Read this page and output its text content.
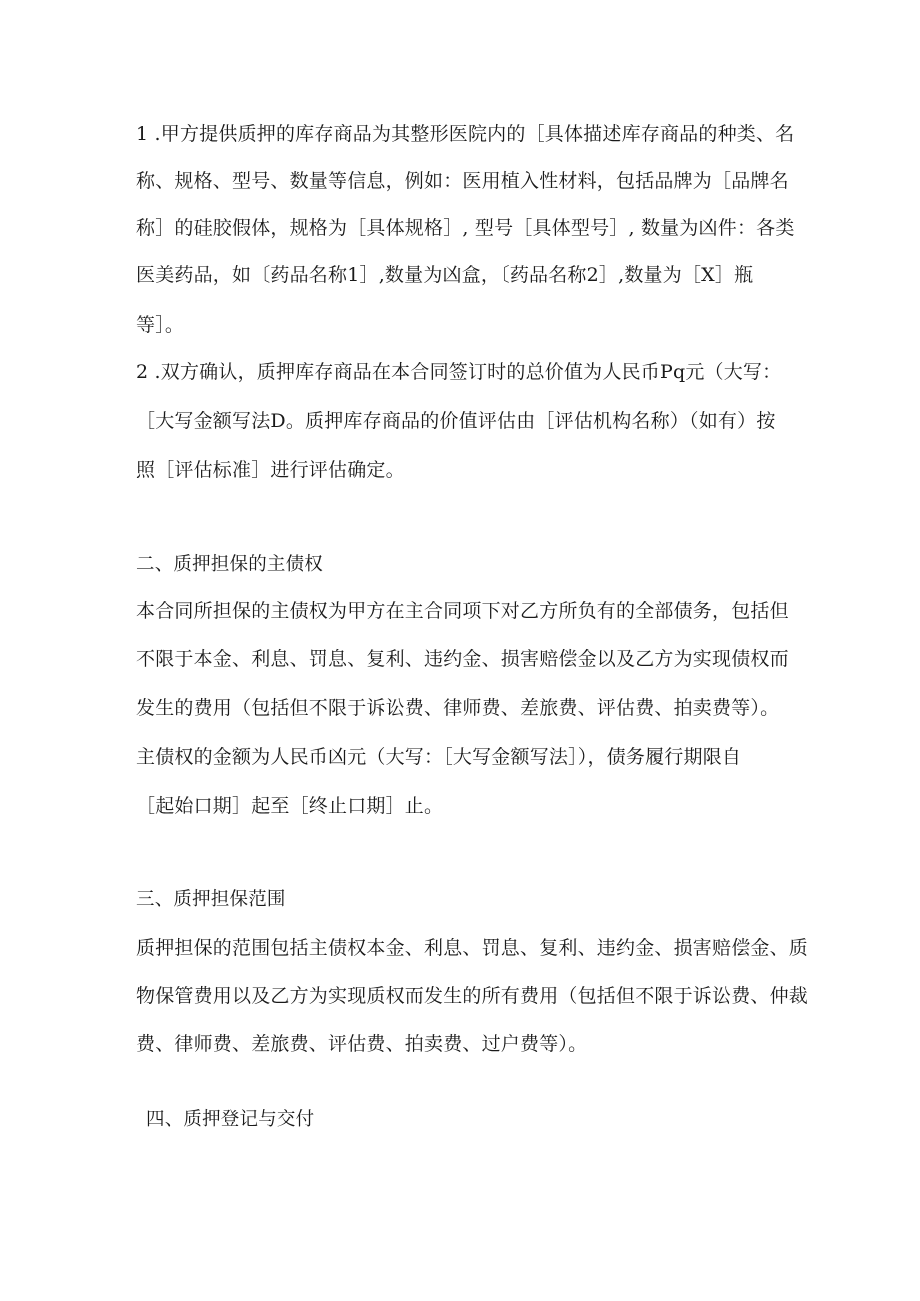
1 .甲方提供质押的库存商品为其整形医院内的［具体描述库存商品的种类、名
称、规格、型号、数量等信息，例如：医用植入性材料，包括品牌为［品牌名
称］的硅胶假体，规格为［具体规格］, 型号［具体型号］, 数量为凶件：各类
医美药品，如〔药品名称1］,数量为凶盒，〔药品名称2］,数量为［X］瓶
等］。
2 .双方确认，质押库存商品在本合同签订时的总价值为人民币Pq元（大写：
［大写金额写法D。质押库存商品的价值评估由［评估机构名称）（如有）按
照［评估标准］进行评估确定。
二、质押担保的主债权
本合同所担保的主债权为甲方在主合同项下对乙方所负有的全部债务，包括但
不限于本金、利息、罚息、复利、违约金、损害赔偿金以及乙方为实现债权而
发生的费用（包括但不限于诉讼费、律师费、差旅费、评估费、拍卖费等）。
主债权的金额为人民币凶元（大写：［大写金额写法］），债务履行期限自
［起始口期］起至［终止口期］止。
三、质押担保范围
质押担保的范围包括主债权本金、利息、罚息、复利、违约金、损害赔偿金、质
物保管费用以及乙方为实现质权而发生的所有费用（包括但不限于诉讼费、仲裁
费、律师费、差旅费、评估费、拍卖费、过户费等）。
四、质押登记与交付
